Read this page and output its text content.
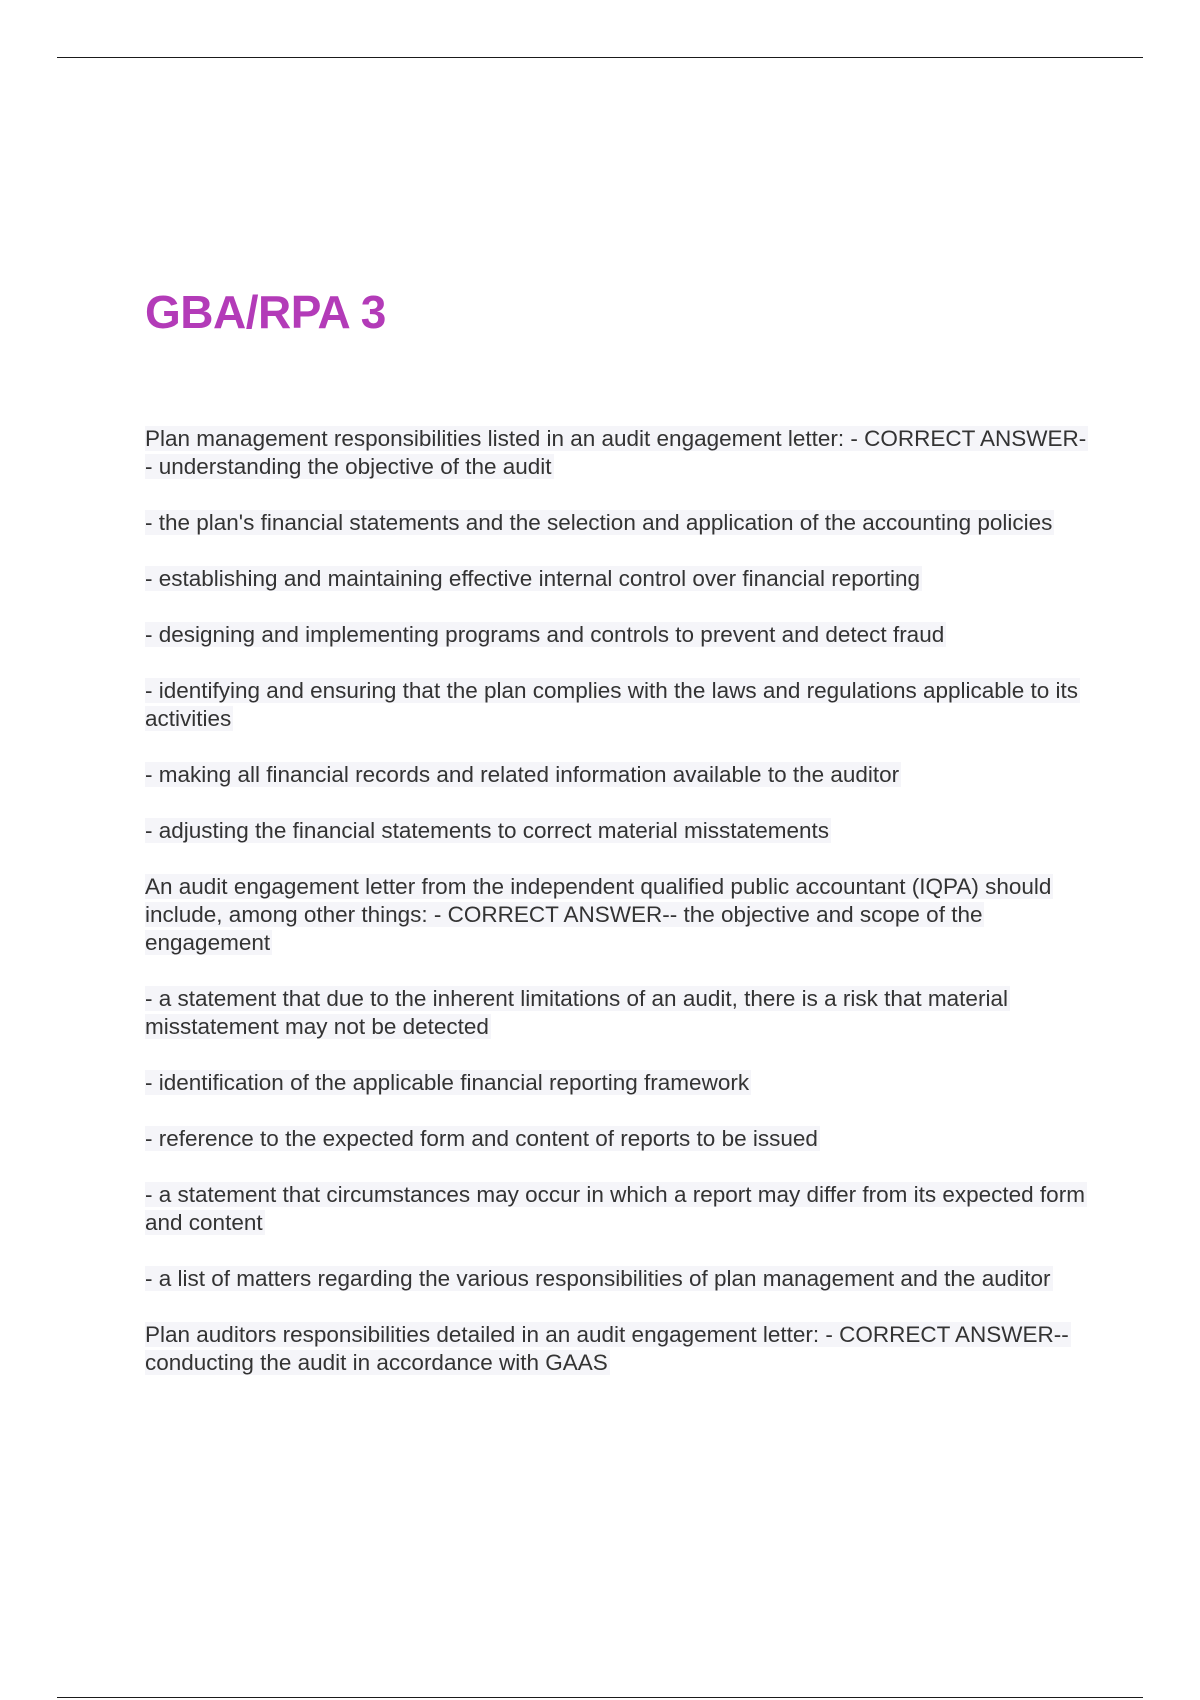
GBA/RPA 3

Plan management responsibilities listed in an audit engagement letter: - CORRECT ANSWER-- understanding the objective of the audit

- the plan's financial statements and the selection and application of the accounting policies

- establishing and maintaining effective internal control over financial reporting

- designing and implementing programs and controls to prevent and detect fraud

- identifying and ensuring that the plan complies with the laws and regulations applicable to its activities

- making all financial records and related information available to the auditor

- adjusting the financial statements to correct material misstatements

An audit engagement letter from the independent qualified public accountant (IQPA) should include, among other things: - CORRECT ANSWER-- the objective and scope of the engagement

- a statement that due to the inherent limitations of an audit, there is a risk that material misstatement may not be detected

- identification of the applicable financial reporting framework

- reference to the expected form and content of reports to be issued

- a statement that circumstances may occur in which a report may differ from its expected form and content

- a list of matters regarding the various responsibilities of plan management and the auditor

Plan auditors responsibilities detailed in an audit engagement letter: - CORRECT ANSWER-- conducting the audit in accordance with GAAS
